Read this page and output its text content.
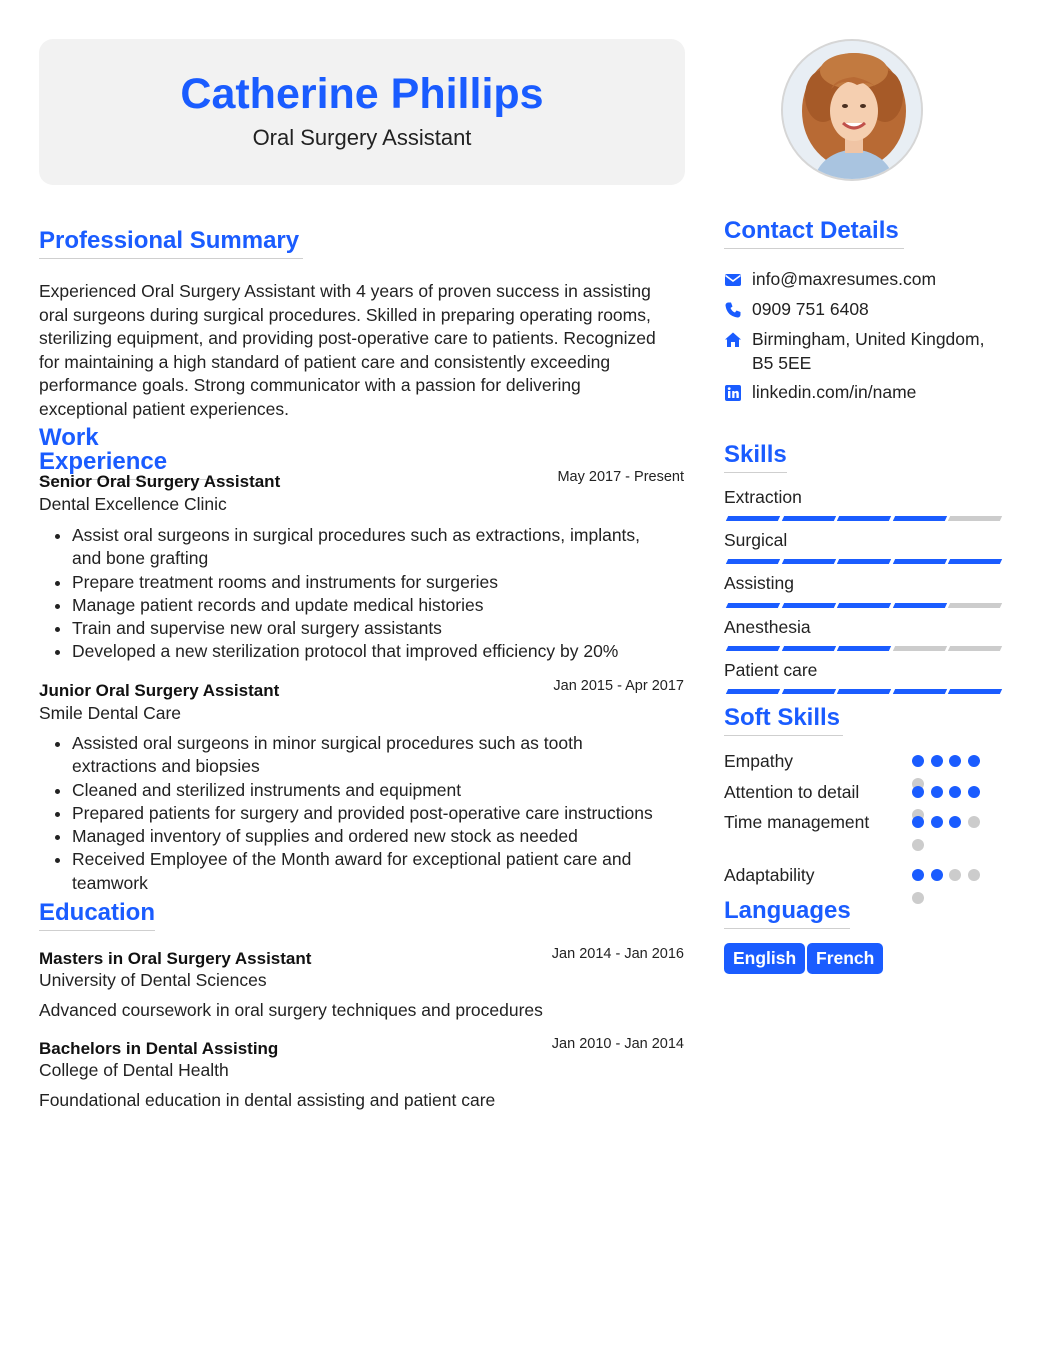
Catherine Phillips
Oral Surgery Assistant
Professional Summary
Experienced Oral Surgery Assistant with 4 years of proven success in assisting
oral surgeons during surgical procedures. Skilled in preparing operating rooms,
sterilizing equipment, and providing post-operative care to patients. Recognized
for maintaining a high standard of patient care and consistently exceeding
performance goals. Strong communicator with a passion for delivering
exceptional patient experiences.
Work Experience
Senior Oral Surgery Assistant	May 2017 - Present
Dental Excellence Clinic
• Assist oral surgeons in surgical procedures such as extractions, implants,
and bone grafting
• Prepare treatment rooms and instruments for surgeries
• Manage patient records and update medical histories
• Train and supervise new oral surgery assistants
• Developed a new sterilization protocol that improved efficiency by 20%
Junior Oral Surgery Assistant	Jan 2015 - Apr 2017
Smile Dental Care
• Assisted oral surgeons in minor surgical procedures such as tooth
extractions and biopsies
• Cleaned and sterilized instruments and equipment
• Prepared patients for surgery and provided post-operative care instructions
• Managed inventory of supplies and ordered new stock as needed
• Received Employee of the Month award for exceptional patient care and
teamwork
Education
Masters in Oral Surgery Assistant	Jan 2014 - Jan 2016
University of Dental Sciences
Advanced coursework in oral surgery techniques and procedures
Bachelors in Dental Assisting	Jan 2010 - Jan 2014
College of Dental Health
Foundational education in dental assisting and patient care
Contact Details
info@maxresumes.com
0909 751 6408
Birmingham, United Kingdom,
B5 5EE
linkedin.com/in/name
Skills
Extraction
Surgical
Assisting
Anesthesia
Patient care
Soft Skills
Empathy
Attention to detail
Time management
Adaptability
Languages
English	French
